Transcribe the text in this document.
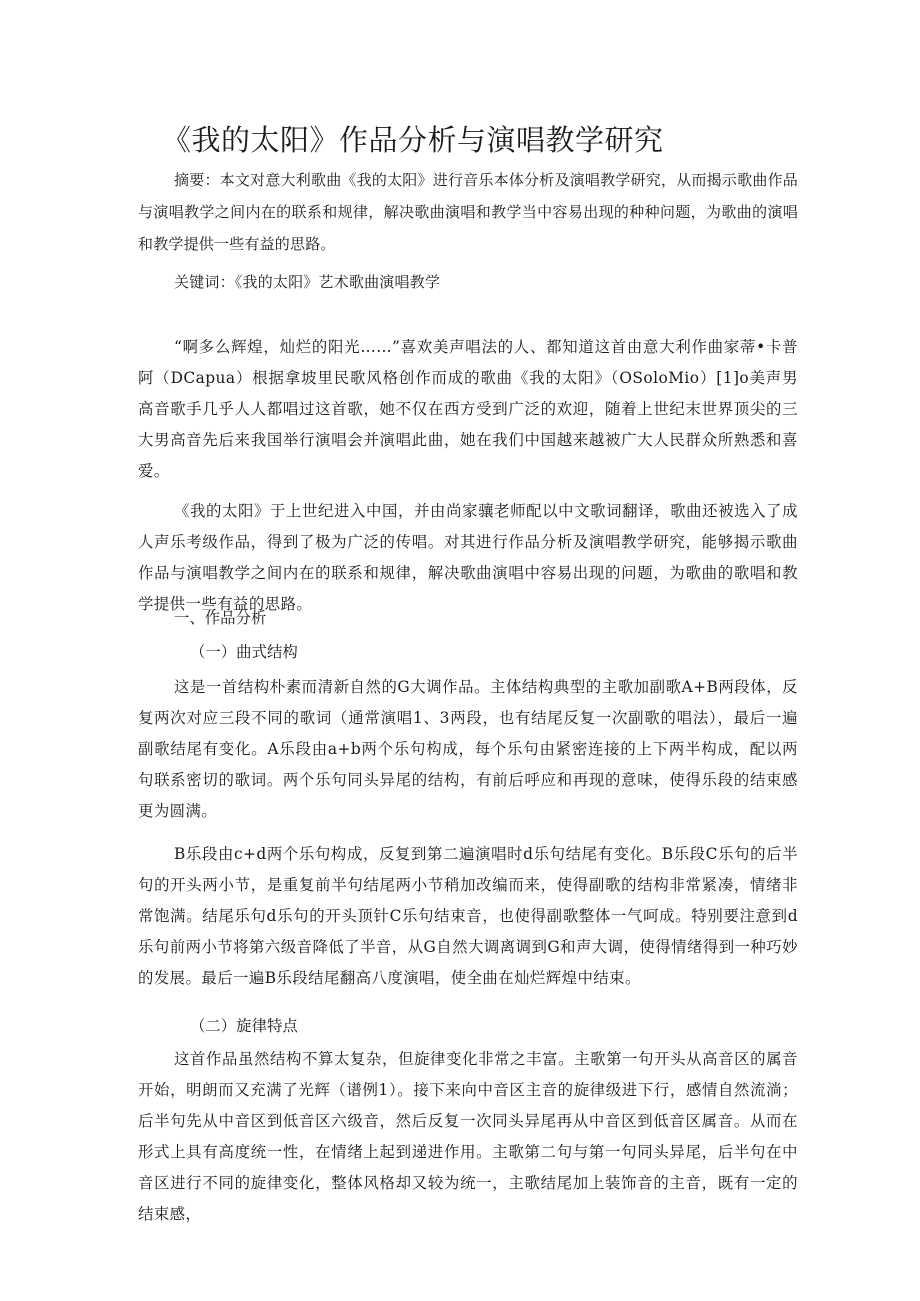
《我的太阳》作品分析与演唱教学研究

摘要：本文对意大利歌曲《我的太阳》进行音乐本体分析及演唱教学研究，从而揭示歌曲作品与演唱教学之间内在的联系和规律，解决歌曲演唱和教学当中容易出现的种种问题，为歌曲的演唱和教学提供一些有益的思路。

关键词：《我的太阳》艺术歌曲演唱教学

“啊多么辉煌，灿烂的阳光……”喜欢美声唱法的人、都知道这首由意大利作曲家蒂•卡普阿（DCapua）根据拿坡里民歌风格创作而成的歌曲《我的太阳》（OSoloMio）[1]o美声男高音歌手几乎人人都唱过这首歌，她不仅在西方受到广泛的欢迎，随着上世纪末世界顶尖的三大男高音先后来我国举行演唱会并演唱此曲，她在我们中国越来越被广大人民群众所熟悉和喜爱。

《我的太阳》于上世纪进入中国，并由尚家骧老师配以中文歌词翻译，歌曲还被选入了成人声乐考级作品，得到了极为广泛的传唱。对其进行作品分析及演唱教学研究，能够揭示歌曲作品与演唱教学之间内在的联系和规律，解决歌曲演唱中容易出现的问题，为歌曲的歌唱和教学提供一些有益的思路。

一、作品分析
（一）曲式结构

这是一首结构朴素而清新自然的G大调作品。主体结构典型的主歌加副歌A+B两段体，反复两次对应三段不同的歌词（通常演唱1、3两段，也有结尾反复一次副歌的唱法），最后一遍副歌结尾有变化。A乐段由a+b两个乐句构成，每个乐句由紧密连接的上下两半构成，配以两句联系密切的歌词。两个乐句同头异尾的结构，有前后呼应和再现的意味，使得乐段的结束感更为圆满。

B乐段由c+d两个乐句构成，反复到第二遍演唱时d乐句结尾有变化。B乐段C乐句的后半句的开头两小节，是重复前半句结尾两小节稍加改编而来，使得副歌的结构非常紧凑，情绪非常饱满。结尾乐句d乐句的开头顶针C乐句结束音，也使得副歌整体一气呵成。特别要注意到d乐句前两小节将第六级音降低了半音，从G自然大调离调到G和声大调，使得情绪得到一种巧妙的发展。最后一遍B乐段结尾翻高八度演唱，使全曲在灿烂辉煌中结束。

（二）旋律特点

这首作品虽然结构不算太复杂，但旋律变化非常之丰富。主歌第一句开头从高音区的属音开始，明朗而又充满了光辉（谱例1）。接下来向中音区主音的旋律级进下行，感情自然流淌；后半句先从中音区到低音区六级音，然后反复一次同头异尾再从中音区到低音区属音。从而在形式上具有高度统一性，在情绪上起到递进作用。主歌第二句与第一句同头异尾，后半句在中音区进行不同的旋律变化，整体风格却又较为统一，主歌结尾加上装饰音的主音，既有一定的结束感，
